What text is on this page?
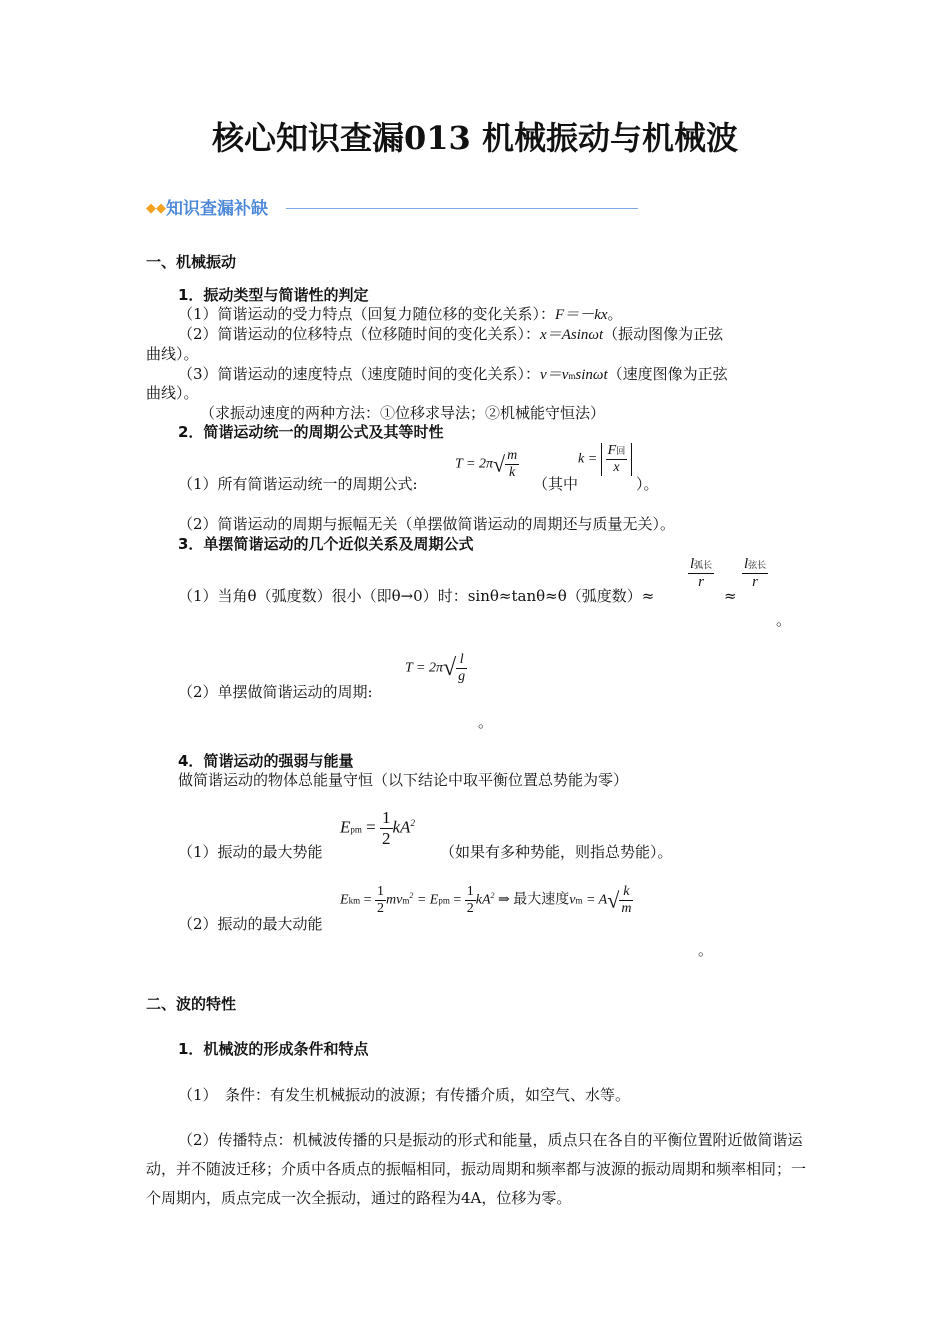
核心知识查漏013 机械振动与机械波
◆◆ 知识查漏补缺
一、机械振动
1．振动类型与简谐性的判定
（1）简谐运动的受力特点（回复力随位移的变化关系）：F＝－kx。
（2）简谐运动的位移特点（位移随时间的变化关系）：x＝Asinωt（振动图像为正弦
曲线）。
（3）简谐运动的速度特点（速度随时间的变化关系）：v＝vmsinωt（速度图像为正弦
曲线）。
（求振动速度的两种方法：①位移求导法；②机械能守恒法）
2．简谐运动统一的周期公式及其等时性
（1）所有简谐运动统一的周期公式:
$T = 2\pi√ \frac{m}{k}$
（其中
$k = \frac{\text{F回}}{x}$
）。
（2）简谐运动的周期与振幅无关（单摆做简谐运动的周期还与质量无关）。
3．单摆简谐运动的几个近似关系及周期公式
（1）当角θ（弧度数）很小（即θ→0）时：sinθ≈tanθ≈θ（弧度数）≈
$\frac{\text{l弧长}}{r}$
≈
$\frac{\text{l弦长}}{r}$
。
（2）单摆做简谐运动的周期:
$T = 2\pi√ \frac{l}{g}$
。
4．简谐运动的强弱与能量
做简谐运动的物体总能量守恒（以下结论中取平衡位置总势能为零）
（1）振动的最大势能
Epm = $\frac{1}{2} kA^2$
（如果有多种势能，则指总势能）。
（2）振动的最大动能
Ekm = $\frac{1}{2} mvm^2$ = Epm = $\frac{1}{2} kA^2$ ⇒ 最大速度vm = $A√ \frac{k}{m}$
。
二、波的特性
1．机械波的形成条件和特点
（1）　条件：有发生机械振动的波源；有传播介质，如空气、水等。
（2）传播特点：机械波传播的只是振动的形式和能量，质点只在各自的平衡位置附近做简谐运动，并不随波迁移；介质中各质点的振幅相同，振动周期和频率都与波源的振动周期和频率相同；一个周期内，质点完成一次全振动，通过的路程为4A，位移为零。
